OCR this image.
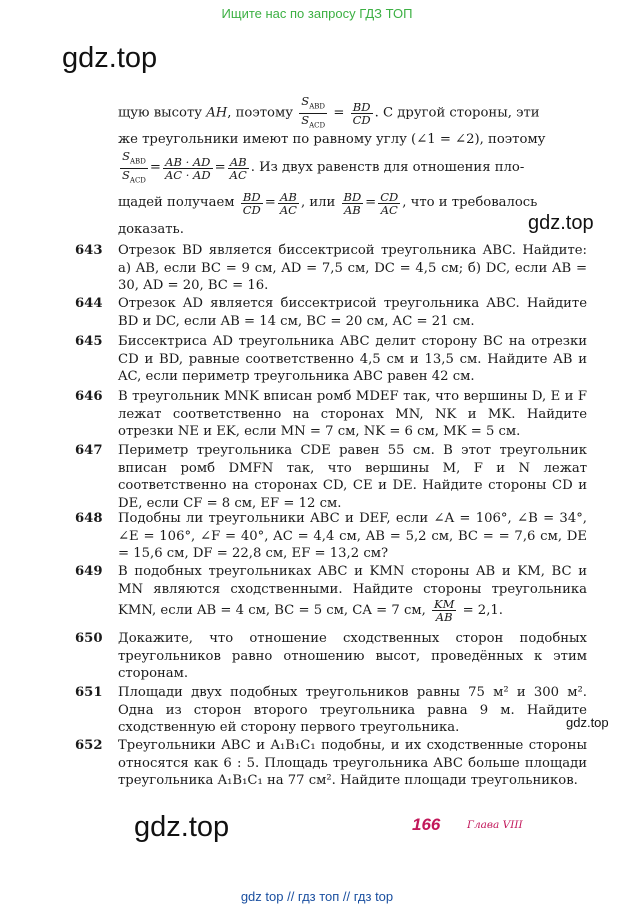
Ищите нас по запросу ГДЗ ТОП
gdz.top
щую высоту AH, поэтому $\frac{S_{ABD}}{S_{ACD}} = \frac{BD}{CD}$ . С другой стороны, эти
же треугольники имеют по равному углу (∠1 = ∠2), поэтому
$\frac{S_{ABD}}{S_{ACD}} = \frac{AB \cdot AD}{AC \cdot AD} = \frac{AB}{AC}$ . Из двух равенств для отношения пло-
щадей получаем
$\frac{BD}{CD} = \frac{AB}{AC}$ , или
$\frac{BD}{AB} = \frac{CD}{AC}$ , что и требовалось
доказать.	gdz.top
643 Отрезок BD является биссектрисой треугольника ABC. Найдите: а) AB, если BC = 9 см, AD = 7,5 см, DC = 4,5 см; б) DC, если AB = 30, AD = 20, BC = 16.
644 Отрезок AD является биссектрисой треугольника ABC. Найдите BD и DC, если AB = 14 см, BC = 20 см, AC = 21 см.
645 Биссектриса AD треугольника ABC делит сторону BC на отрезки CD и BD, равные соответственно 4,5 см и 13,5 см. Найдите AB и AC, если периметр треугольника ABC равен 42 см.
646 В треугольник MNK вписан ромб MDEF так, что вершины D, E и F лежат соответственно на сторонах MN, NK и MK. Найдите отрезки NE и EK, если MN = 7 см, NK = 6 см, MK = 5 см.
647 Периметр треугольника CDE равен 55 см. В этот треугольник вписан ромб DMFN так, что вершины M, F и N лежат соответственно на сторонах CD, CE и DE. Найдите стороны CD и DE, если CF = 8 см, EF = 12 см.
648 Подобны ли треугольники ABC и DEF, если ∠A = 106°, ∠B = 34°, ∠E = 106°, ∠F = 40°, AC = 4,4 см, AB = 5,2 см, BC = = 7,6 см, DE = 15,6 см, DF = 22,8 см, EF = 13,2 см?
649 В подобных треугольниках ABC и KMN стороны AB и KM, BC и MN являются сходственными. Найдите стороны треугольника KMN, если AB = 4 см, BC = 5 см, CA = 7 см, $\frac{KM}{AB} = 2,1$.
650 Докажите, что отношение сходственных сторон подобных треугольников равно отношению высот, проведённых к этим сторонам.
651 Площади двух подобных треугольников равны 75 м² и 300 м². Одна из сторон второго треугольника равна 9 м. Найдите сходственную ей сторону первого треугольника.	gdz.top
652 Треугольники ABC и A₁B₁C₁ подобны, и их сходственные стороны относятся как 6 : 5. Площадь треугольника ABC больше площади треугольника A₁B₁C₁ на 77 см². Найдите площади треугольников.
gdz.top	166	Глава VIII
gdz top // гдз топ // гдз top
